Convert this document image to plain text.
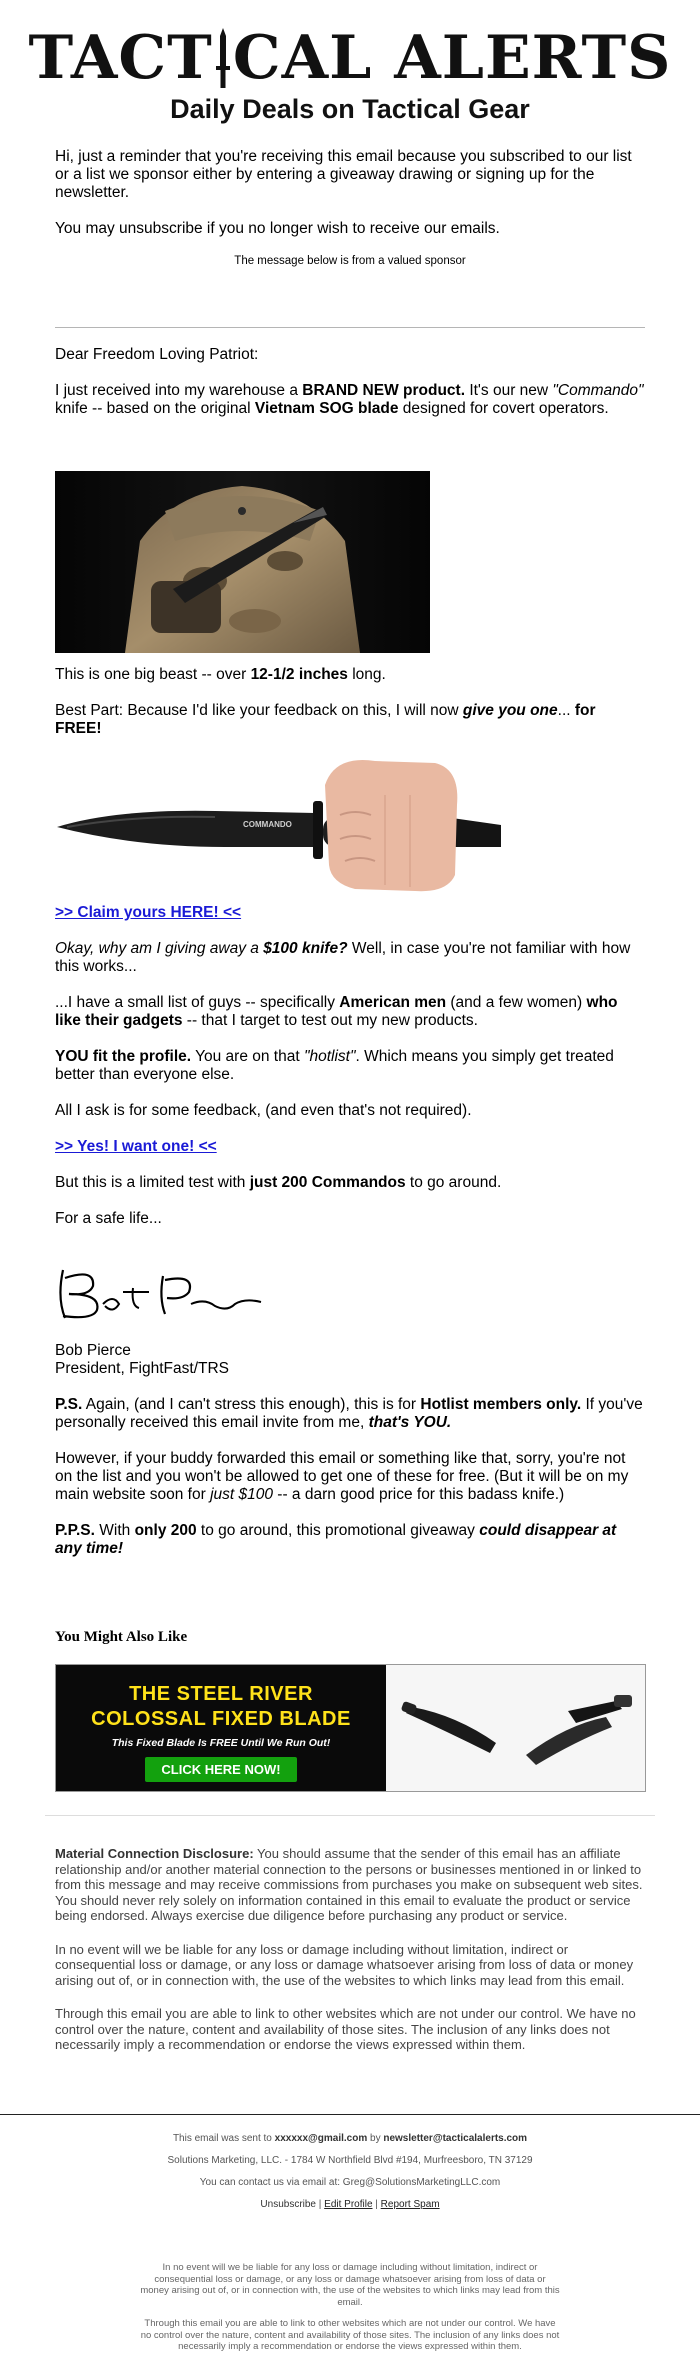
TACT CAL ALERTS
Daily Deals on Tactical Gear

Hi, just a reminder that you're receiving this email because you subscribed to our list or a list we sponsor either by entering a giveaway drawing or signing up for the newsletter.

You may unsubscribe if you no longer wish to receive our emails.

The message below is from a valued sponsor

Dear Freedom Loving Patriot:

I just received into my warehouse a BRAND NEW product. It's our new "Commando" knife -- based on the original Vietnam SOG blade designed for covert operators.

This is one big beast -- over 12-1/2 inches long.

Best Part: Because I'd like your feedback on this, I will now give you one... for FREE!

COMMANDO

>> Claim yours HERE! <<

Okay, why am I giving away a $100 knife? Well, in case you're not familiar with how this works...

...I have a small list of guys -- specifically American men (and a few women) who like their gadgets -- that I target to test out my new products.

YOU fit the profile. You are on that "hotlist". Which means you simply get treated better than everyone else.

All I ask is for some feedback, (and even that's not required).

>> Yes! I want one! <<

But this is a limited test with just 200 Commandos to go around.

For a safe life...

Bob Pierce
President, FightFast/TRS

P.S. Again, (and I can't stress this enough), this is for Hotlist members only. If you've personally received this email invite from me, that's YOU.

However, if your buddy forwarded this email or something like that, sorry, you're not on the list and you won't be allowed to get one of these for free. (But it will be on my main website soon for just $100 -- a darn good price for this badass knife.)

P.P.S. With only 200 to go around, this promotional giveaway could disappear at any time!

You Might Also Like
THE STEEL RIVER
COLOSSAL FIXED BLADE
This Fixed Blade Is FREE Until We Run Out!
CLICK HERE NOW!

Material Connection Disclosure: You should assume that the sender of this email has an affiliate relationship and/or another material connection to the persons or businesses mentioned in or linked to from this message and may receive commissions from purchases you make on subsequent web sites. You should never rely solely on information contained in this email to evaluate the product or service being endorsed. Always exercise due diligence before purchasing any product or service.

In no event will we be liable for any loss or damage including without limitation, indirect or consequential loss or damage, or any loss or damage whatsoever arising from loss of data or money arising out of, or in connection with, the use of the websites to which links may lead from this email.

Through this email you are able to link to other websites which are not under our control. We have no control over the nature, content and availability of those sites. The inclusion of any links does not necessarily imply a recommendation or endorse the views expressed within them.

This email was sent to xxxxxx@gmail.com by newsletter@tacticalalerts.com
Solutions Marketing, LLC. - 1784 W Northfield Blvd #194, Murfreesboro, TN 37129
You can contact us via email at: Greg@SolutionsMarketingLLC.com
Unsubscribe | Edit Profile | Report Spam

In no event will we be liable for any loss or damage including without limitation, indirect or consequential loss or damage, or any loss or damage whatsoever arising from loss of data or money arising out of, or in connection with, the use of the websites to which links may lead from this email.

Through this email you are able to link to other websites which are not under our control. We have no control over the nature, content and availability of those sites. The inclusion of any links does not necessarily imply a recommendation or endorse the views expressed within them.
